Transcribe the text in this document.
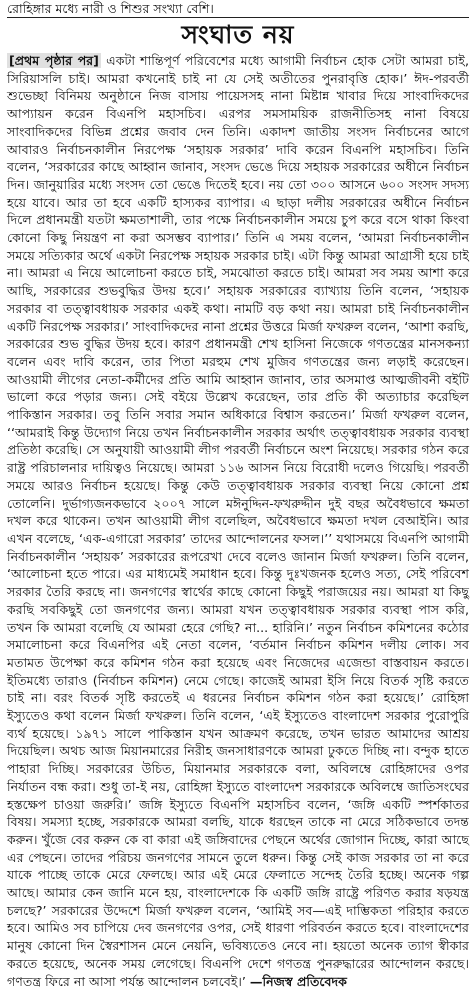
রোহিঙ্গার মধ্যে নারী ও শিশুর সংখ্যা বেশি।
সংঘাত নয়

[প্রথম পৃষ্ঠার পর] একটা শান্তিপূর্ণ পরিবেশের মধ্যে আগামী নির্বাচন হোক সেটা আমরা চাই, সিরিয়াসলি চাই। আমরা কখনোই চাই না যে সেই অতীতের পুনরাবৃত্তি হোক।’ ঈদ-পরবর্তী শুভেচ্ছা বিনিময় অনুষ্ঠানে নিজ বাসায় পায়েসসহ নানা মিষ্টান্ন খাবার দিয়ে সাংবাদিকদের আপ্যায়ন করেন বিএনপি মহাসচিব। এরপর সমসাময়িক রাজনীতিসহ নানা বিষয়ে সাংবাদিকদের বিভিন্ন প্রশ্নের জবাব দেন তিনি। একাদশ জাতীয় সংসদ নির্বাচনের আগে আবারও নির্বাচনকালীন নিরপেক্ষ ‘সহায়ক সরকার’ দাবি করেন বিএনপি মহাসচিব। তিনি বলেন, ‘সরকারের কাছে আহ্বান জানাব, সংসদ ভেঙে দিয়ে সহায়ক সরকারের অধীনে নির্বাচন দিন। জানুয়ারির মধ্যে সংসদ তো ভেঙে দিতেই হবে। নয় তো ৩০০ আসনে ৬০০ সংসদ সদস্য হয়ে যাবে। আর তা হবে একটি হাস্যকর ব্যাপার। এ ছাড়া দলীয় সরকারের অধীনে নির্বাচন দিলে প্রধানমন্ত্রী যতটা ক্ষমতাশালী, তার পক্ষে নির্বাচনকালীন সময়ে চুপ করে বসে থাকা কিংবা কোনো কিছু নিয়ন্ত্রণ না করা অসম্ভব ব্যাপার।’ তিনি এ সময় বলেন, ‘আমরা নির্বাচনকালীন সময়ে সত্যিকার অর্থে একটা নিরপেক্ষ সহায়ক সরকার চাই। এটা কিন্তু আমরা আগ্রাসী হয়ে চাই না। আমরা এ নিয়ে আলোচনা করতে চাই, সমঝোতা করতে চাই। আমরা সব সময় আশা করে আছি, সরকারের শুভবুদ্ধির উদয় হবে।’ সহায়ক সরকারের ব্যাখ্যায় তিনি বলেন, ‘সহায়ক সরকার বা তত্ত্বাবধায়ক সরকার একই কথা। নামটি বড় কথা নয়। আমরা চাই নির্বাচনকালীন একটি নিরপেক্ষ সরকার।’ সাংবাদিকদের নানা প্রশ্নের উত্তরে মির্জা ফখরুল বলেন, ‘আশা করছি, সরকারের শুভ বুদ্ধির উদয় হবে। কারণ প্রধানমন্ত্রী শেখ হাসিনা নিজেকে গণতন্ত্রের মানসকন্যা বলেন এবং দাবি করেন, তার পিতা মরহুম শেখ মুজিব গণতন্ত্রের জন্য লড়াই করেছেন। আওয়ামী লীগের নেতা-কর্মীদের প্রতি আমি আহ্বান জানাব, তার অসমাপ্ত আত্মজীবনী বইটি ভালো করে পড়ার জন্য। সেই বইয়ে উল্লেখ করেছেন, তার প্রতি কী অত্যাচার করেছিল পাকিস্তান সরকার। তবু তিনি সবার সমান অধিকারে বিশ্বাস করতেন।’ মির্জা ফখরুল বলেন, ‘‘আমরাই কিন্তু উদ্যোগ নিয়ে তখন নির্বাচনকালীন সরকার অর্থাৎ তত্ত্বাবধায়ক সরকার ব্যবস্থা প্রতিষ্ঠা করেছি। সে অনুযায়ী আওয়ামী লীগ পরবর্তী নির্বাচনে অংশ নিয়েছে। সরকার গঠন করে রাষ্ট্র পরিচালনার দায়িত্বও নিয়েছে। আমরা ১১৬ আসন নিয়ে বিরোধী দলেও গিয়েছি। পরবর্তী সময়ে আরও নির্বাচন হয়েছে। কিন্তু কেউ তত্ত্বাবধায়ক সরকার ব্যবস্থা নিয়ে কোনো প্রশ্ন তোলেনি। দুর্ভাগ্যজনকভাবে ২০০৭ সালে মঈনুদ্দিন-ফখরুদ্দীন দুই বছর অবৈধভাবে ক্ষমতা দখল করে থাকেন। তখন আওয়ামী লীগ বলেছিল, অবৈধভাবে ক্ষমতা দখল বেআইনি। আর এখন বলেছে, ‘এক-এগারো সরকার’ তাদের আন্দোলনের ফসল।’’ যথাসময়ে বিএনপি আগামী নির্বাচনকালীন ‘সহায়ক’ সরকারের রূপরেখা দেবে বলেও জানান মির্জা ফখরুল। তিনি বলেন, ‘আলোচনা হতে পারে। এর মাধ্যমেই সমাধান হবে। কিন্তু দুঃখজনক হলেও সত্য, সেই পরিবেশ সরকার তৈরি করছে না। জনগণের স্বার্থের কাছে কোনো কিছুই পরাজয়ের নয়। আমরা যা কিছু করছি সবকিছুই তো জনগণের জন্য। আমরা যখন তত্ত্বাবধায়ক সরকার ব্যবস্থা পাস করি, তখন কি আমরা বলেছি যে আমরা হেরে গেছি? না... হারিনি।’ নতুন নির্বাচন কমিশনের কঠোর সমালোচনা করে বিএনপির এই নেতা বলেন, ‘বর্তমান নির্বাচন কমিশন দলীয় লোক। সব মতামত উপেক্ষা করে কমিশন গঠন করা হয়েছে এবং নিজেদের এজেন্ডা বাস্তবায়ন করতে। ইতিমধ্যে তারাও (নির্বাচন কমিশন) নেমে গেছে। কাজেই আমরা ইসি নিয়ে বিতর্ক সৃষ্টি করতে চাই না। বরং বিতর্ক সৃষ্টি করতেই এ ধরনের নির্বাচন কমিশন গঠন করা হয়েছে।’ রোহিঙ্গা ইস্যুতেও কথা বলেন মির্জা ফখরুল। তিনি বলেন, ‘এই ইস্যুতেও বাংলাদেশ সরকার পুরোপুরি ব্যর্থ হয়েছে। ১৯৭১ সালে পাকিস্তান যখন আক্রমণ করেছে, তখন ভারত আমাদের আশ্রয় দিয়েছিল। অথচ আজ মিয়ানমারের নিরীহ জনসাধারণকে আমরা ঢুকতে দিচ্ছি না। বন্দুক হাতে পাহারা দিচ্ছি। সরকারের উচিত, মিয়ানমার সরকারকে বলা, অবিলম্বে রোহিঙ্গাদের ওপর নির্যাতন বন্ধ করা। শুধু তা-ই নয়, রোহিঙ্গা ইস্যুতে বাংলাদেশ সরকারকে অবিলম্বে জাতিসংঘের হস্তক্ষেপ চাওয়া জরুরি।’ জঙ্গি ইস্যুতে বিএনপি মহাসচিব বলেন, ‘জঙ্গি একটি স্পর্শকাতর বিষয়। সমস্যা হচ্ছে, সরকারকে আমরা বলছি, যাকে ধরছেন তাকে না মেরে সঠিকভাবে তদন্ত করুন। খুঁজে বের করুন কে বা কারা এই জঙ্গিবাদের পেছনে অর্থের জোগান দিচ্ছে, কারা আছে এর পেছনে। তাদের পরিচয় জনগণের সামনে তুলে ধরুন। কিন্তু সেই কাজ সরকার তা না করে যাকে পাচ্ছে তাকে মেরে ফেলছে। আর এই মেরে ফেলাতে সন্দেহ তৈরি হচ্ছে। অনেক গল্প আছে। আমার কেন জানি মনে হয়, বাংলাদেশকে কি একটি জঙ্গি রাষ্ট্রে পরিণত করার ষড়যন্ত্র চলছে?’ সরকারের উদ্দেশে মির্জা ফখরুল বলেন, ‘আমিই সব—এই দাম্ভিকতা পরিহার করতে হবে। আমিও সব চাপিয়ে দেব জনগণের ওপর, সেই ধারণা পরিবর্তন করতে হবে। বাংলাদেশের মানুষ কোনো দিন স্বৈরশাসন মেনে নেয়নি, ভবিষ্যতেও নেবে না। হয়তো অনেক ত্যাগ স্বীকার করতে হয়েছে, অনেক সময় লেগেছে। বিএনপি দেশে গণতন্ত্র পুনরুদ্ধারের আন্দোলন করছে। গণতন্ত্র ফিরে না আসা পর্যন্ত আন্দোলন চলবেই।’ —নিজস্ব প্রতিবেদক
